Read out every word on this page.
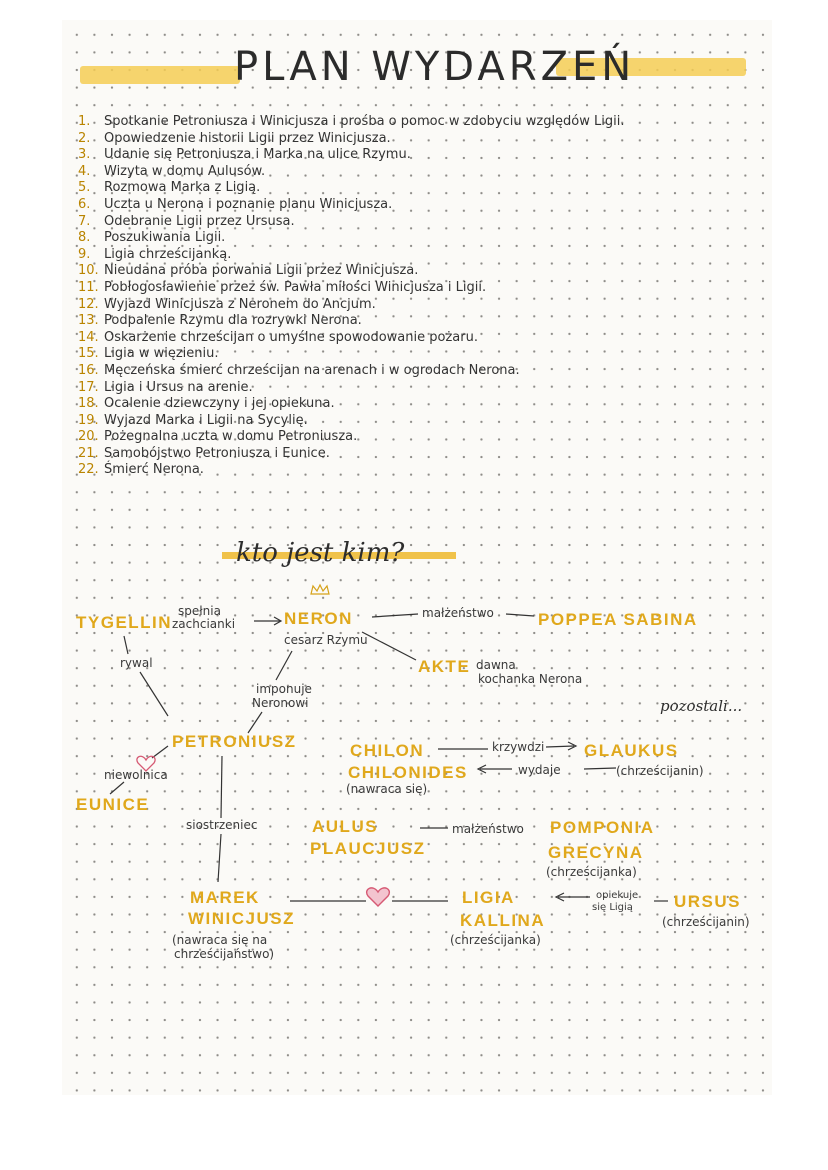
PLAN WYDARZEŃ
1. Spotkanie Petroniusza i Winicjusza i prośba o pomoc w zdobyciu względów Ligii.
2. Opowiedzenie historii Ligii przez Winicjusza.
3. Udanie się Petroniusza i Marka na ulice Rzymu.
4. Wizyta w domu Aulusów.
5. Rozmowa Marka z Ligią.
6. Uczta u Nerona i poznanie planu Winicjusza.
7. Odebranie Ligii przez Ursusa.
8. Poszukiwania Ligii.
9. Ligia chrześcijanką.
10. Nieudana próba porwania Ligii przez Winicjusza.
11. Pobłogosławienie przez św. Pawła miłości Winicjusza i Ligii.
12. Wyjazd Winicjusza z Neronem do Ancjum.
13. Podpalenie Rzymu dla rozrywki Nerona.
14. Oskarżenie chrześcijan o umyślne spowodowanie pożaru.
15. Ligia w więzieniu.
16. Męczeńska śmierć chrześcijan na arenach i w ogrodach Nerona.
17. Ligia i Ursus na arenie.
18. Ocalenie dziewczyny i jej opiekuna.
19. Wyjazd Marka i Ligii na Sycylię.
20. Pożegnalna uczta w domu Petroniusza.
21. Samobójstwo Petroniusza i Eunice.
22. Śmierć Nerona.
kto jest kim?
TYGELLIN
spełnia
zachcianki	NERON
cesarz Rzymu
małżeństwo	POPPEA SABINA
rywal	AKTE dawna
kochanka Nerona
imponuje
Neronowi	pozostali...
PETRONIUSZ	CHILON
CHILONIDES
krzywdzi GLAUKUS
wydaje	(chrześcijanin)
(nawraca się)
niewolnica
EUNICE
siostrzeniec	AULUS
PLAUCJUSZ
małżeństwo POMPONIA
GRECYNA
(chrześcijanka)
MAREK
WINICJUSZ
(nawraca się na
chrześcijaństwo)
LIGIA
KALLINA
(chrześcijanka)
opiekuje
się Ligią URSUS
(chrześcijanin)
